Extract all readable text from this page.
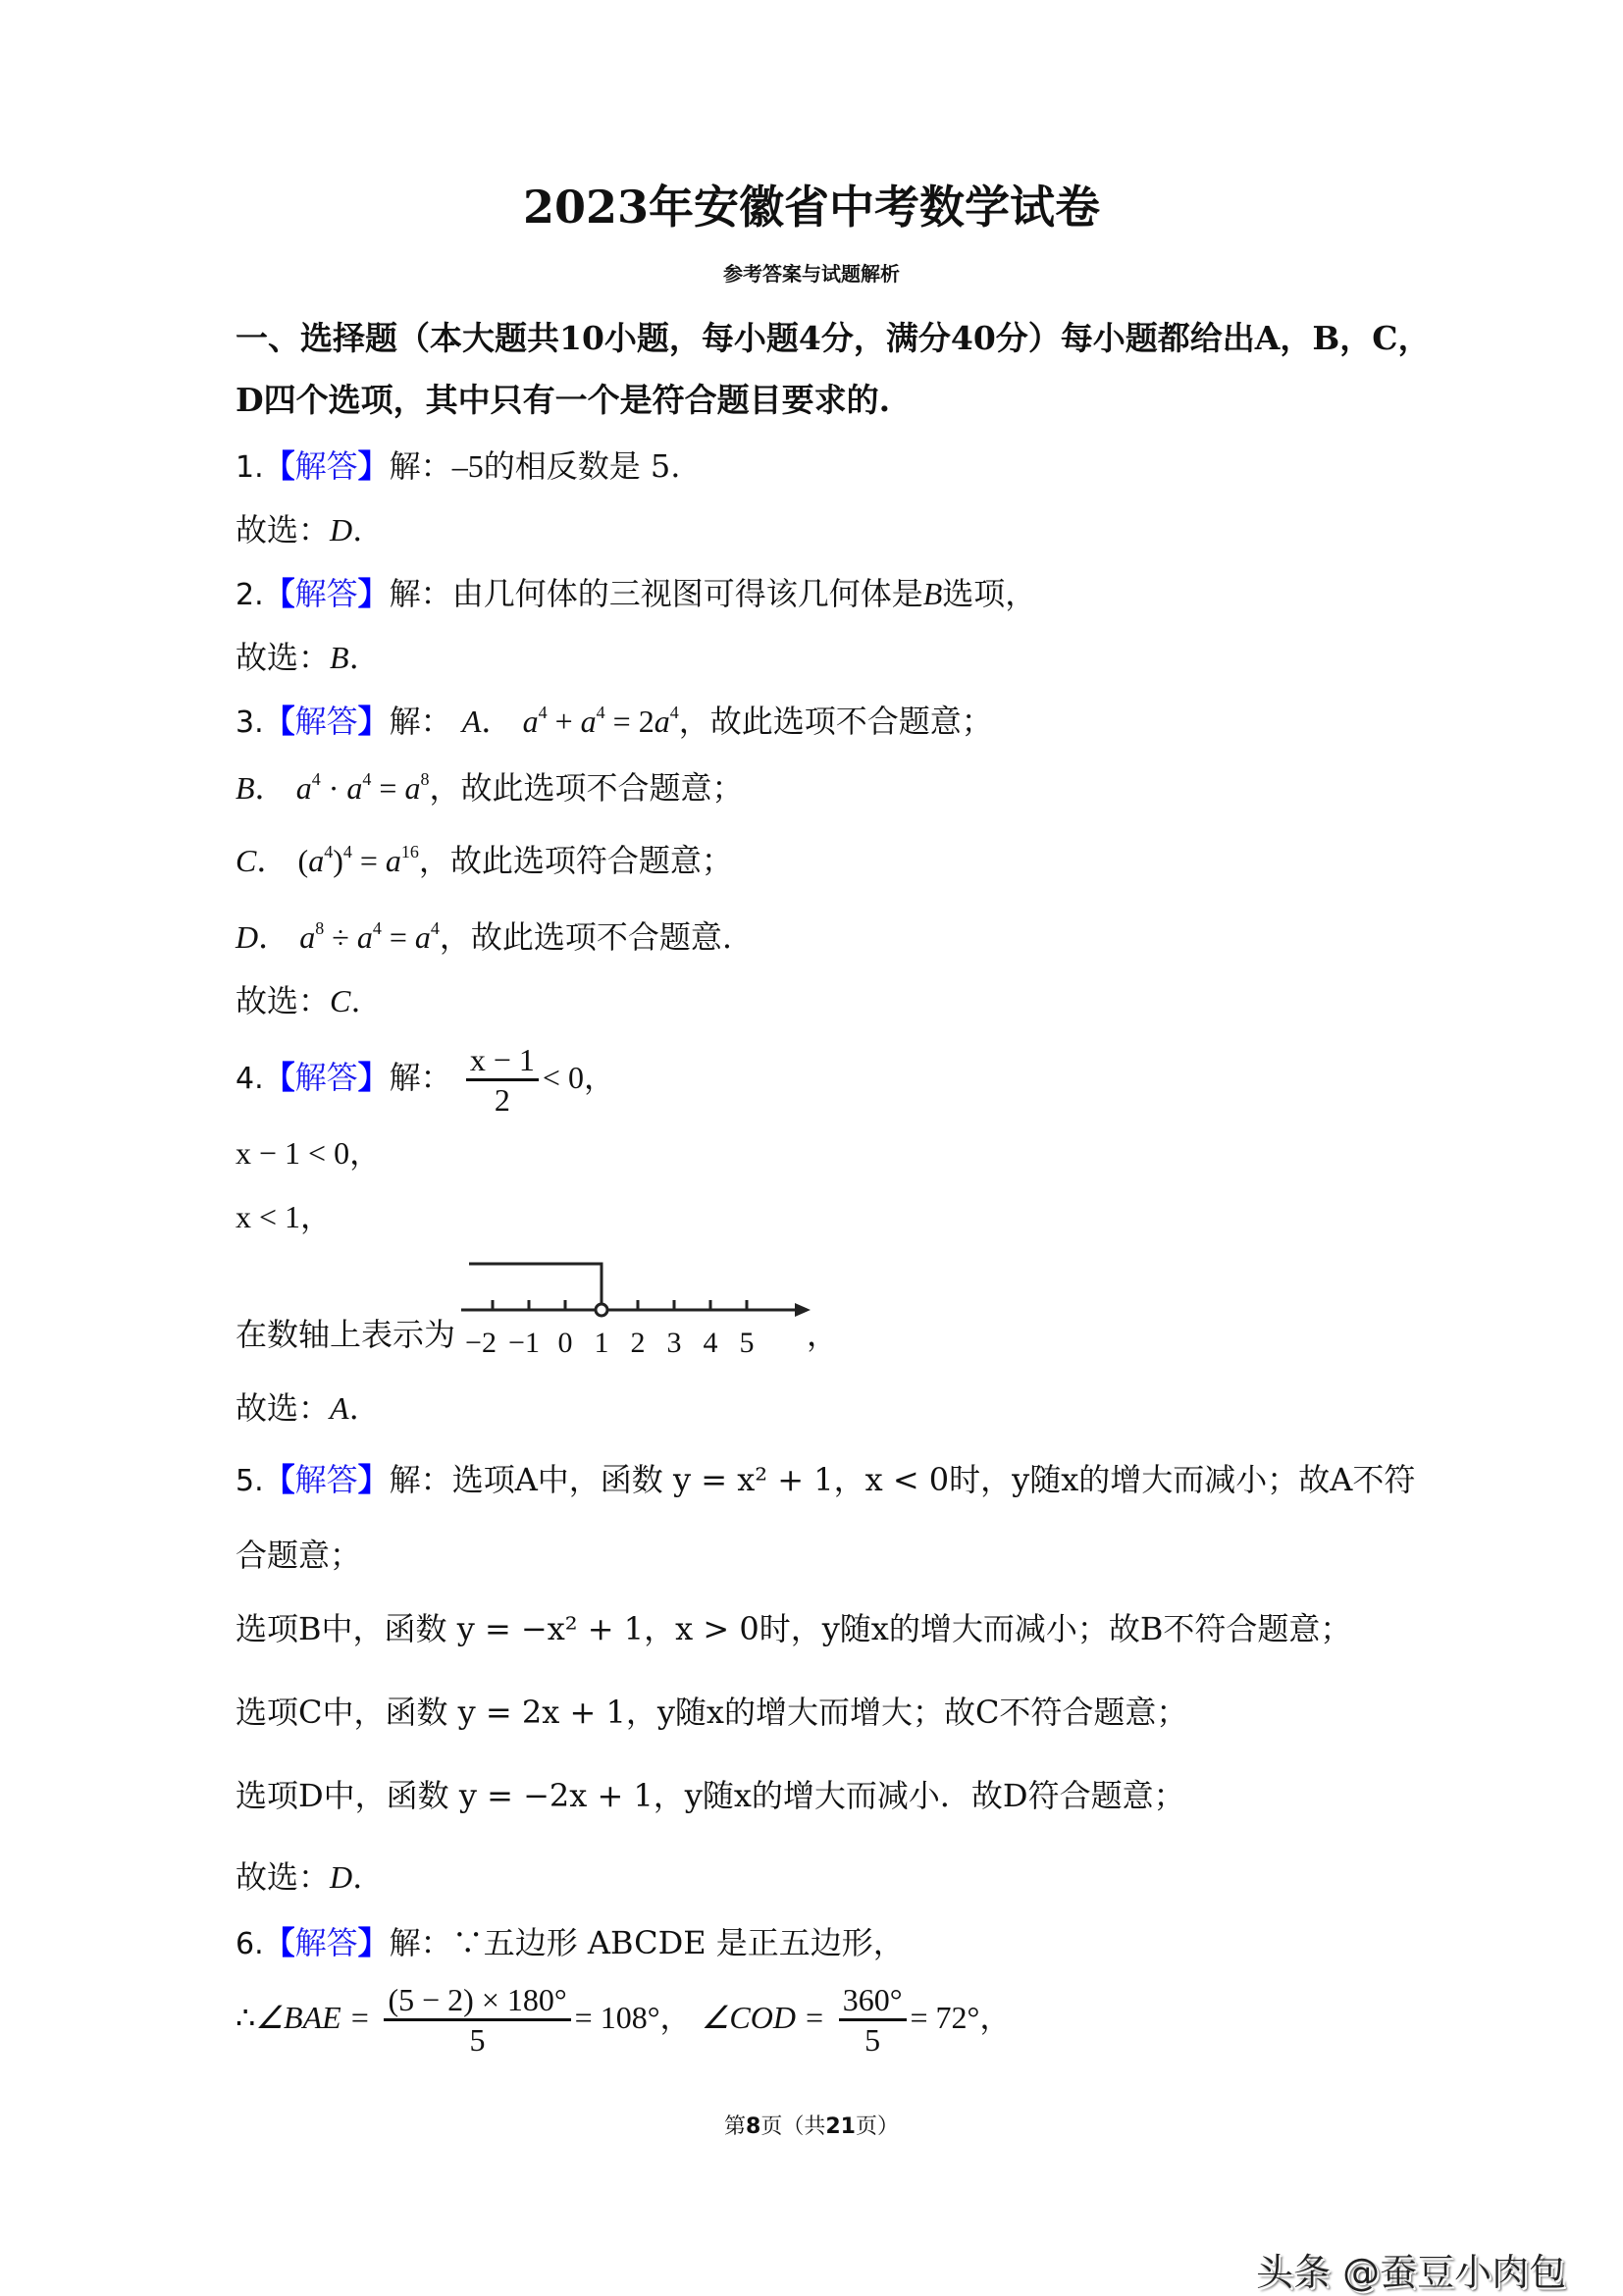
2023年安徽省中考数学试卷
参考答案与试题解析
一、选择题（本大题共10小题，每小题4分，满分40分）每小题都给出A，B，C，
D四个选项，其中只有一个是符合题目要求的.
1.【解答】解：–5的相反数是 5.
故选：D.
2.【解答】解：由几何体的三视图可得该几何体是B选项，
故选：B.
3.【解答】解： A． $a^4 + a^4 = 2a^4$，故此选项不合题意；
B． $a^4 \cdot a^4 = a^8$，故此选项不合题意；
C． $(a^4)^4 = a^{16}$，故此选项符合题意；
D． $a^8 \div a^4 = a^4$，故此选项不合题意.
故选：C.
4.【解答】解： $\frac{x - 1}{2} < 0$，
x − 1 < 0，
x < 1，
在数轴上表示为 −2 −1 0 1 2 3 4 5 ，
故选：A.
5.【解答】解：选项A中，函数 y = x² + 1，x < 0时，y随x的增大而减小；故A不符
合题意；
选项B中，函数 y = −x² + 1，x > 0时，y随x的增大而减小；故B不符合题意；
选项C中，函数 y = 2x + 1，y随x的增大而增大；故C不符合题意；
选项D中，函数 y = −2x + 1，y随x的增大而减小．故D符合题意；
故选：D.
6.【解答】解：∵五边形 ABCDE 是正五边形，
∴∠BAE = $\frac{(5 - 2) \times 180^\circ}{5} = 108^\circ$， ∠COD = $\frac{360^\circ}{5} = 72^\circ$，
第8页（共21页）
头条 @蚕豆小肉包
